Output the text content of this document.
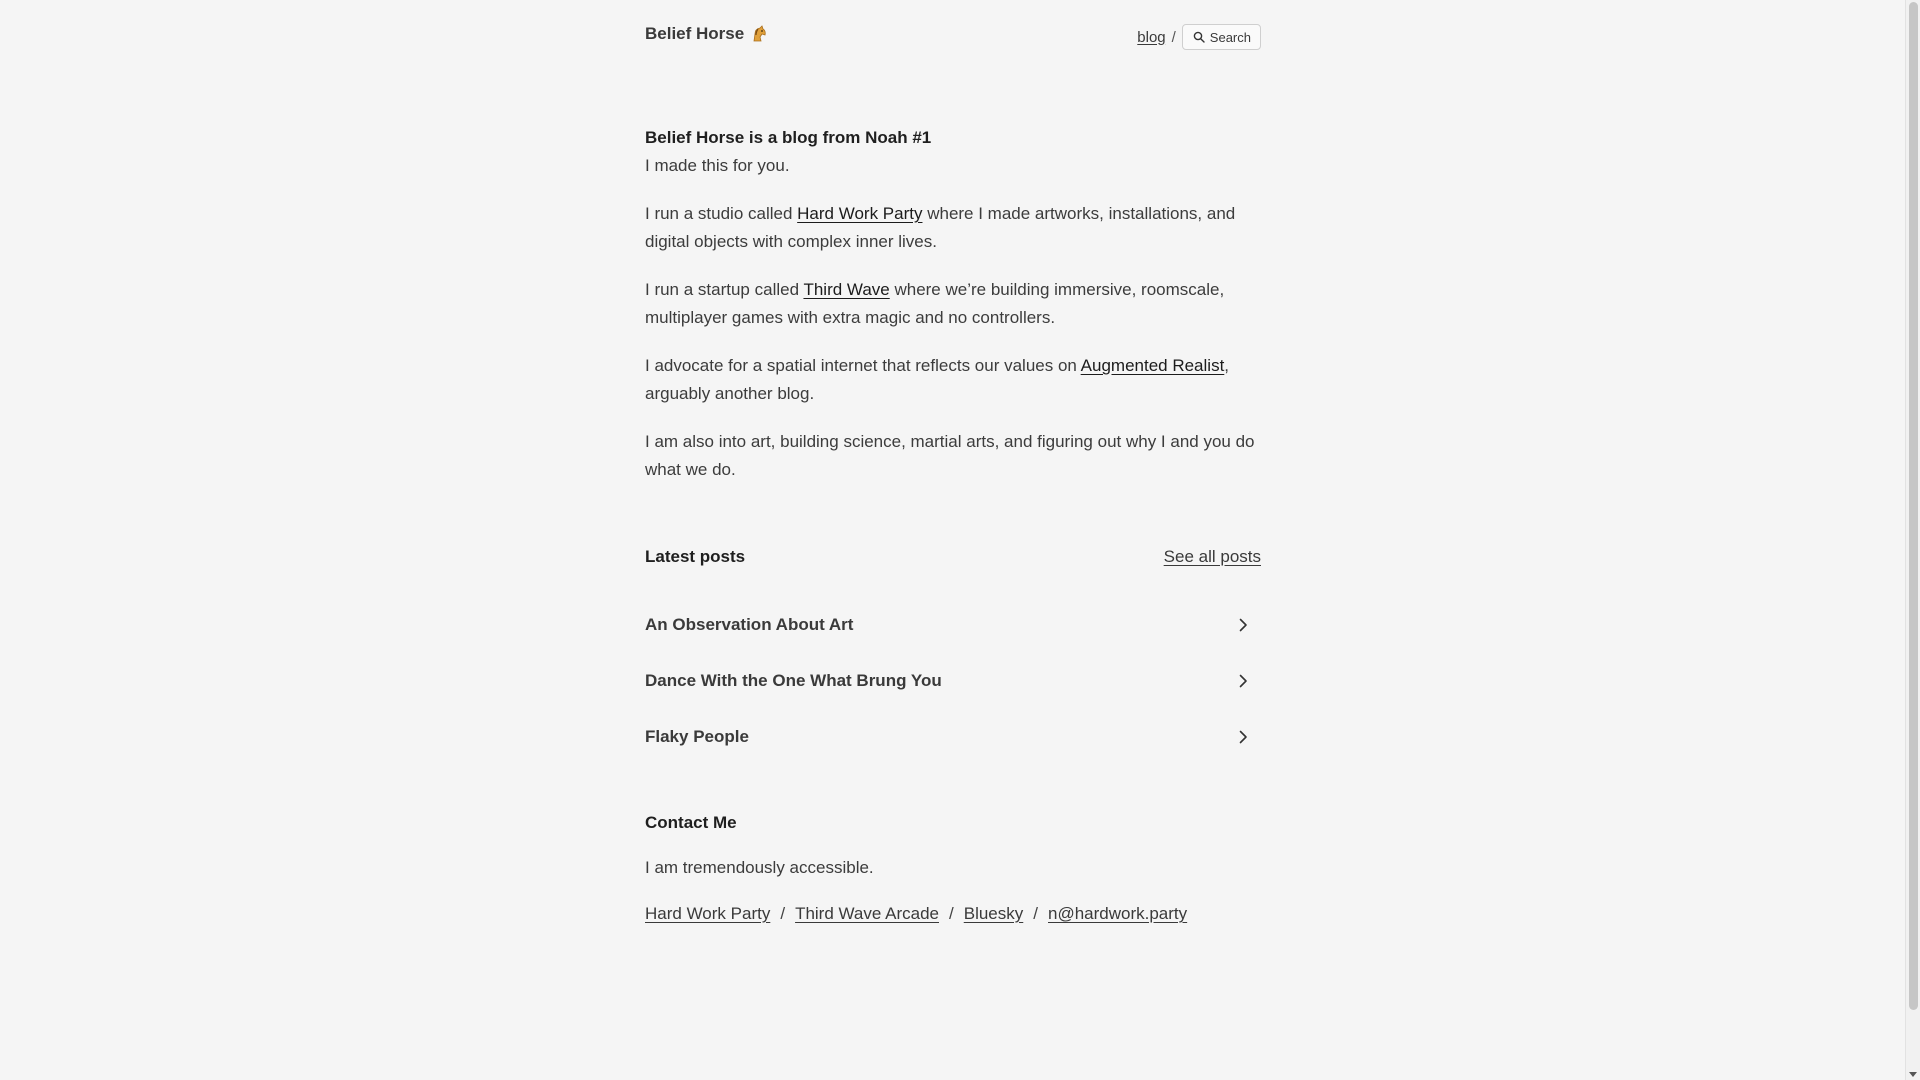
Belief Horse	blog /	Search
Belief Horse is a blog from Noah #1

I made this for you.

I run a studio called Hard Work Party where I made artworks, installations, and digital objects with complex inner lives.

I run a startup called Third Wave where we’re building immersive, roomscale, multiplayer games with extra magic and no controllers.

I advocate for a spatial internet that reflects our values on Augmented Realist, arguably another blog.

I am also into art, building science, martial arts, and figuring out why I and you do what we do.

Latest posts	See all posts
An Observation About Art
Dance With the One What Brung You
Flaky People
Contact Me

I am tremendously accessible.

Hard Work Party / Third Wave Arcade / Bluesky / n@hardwork.party
